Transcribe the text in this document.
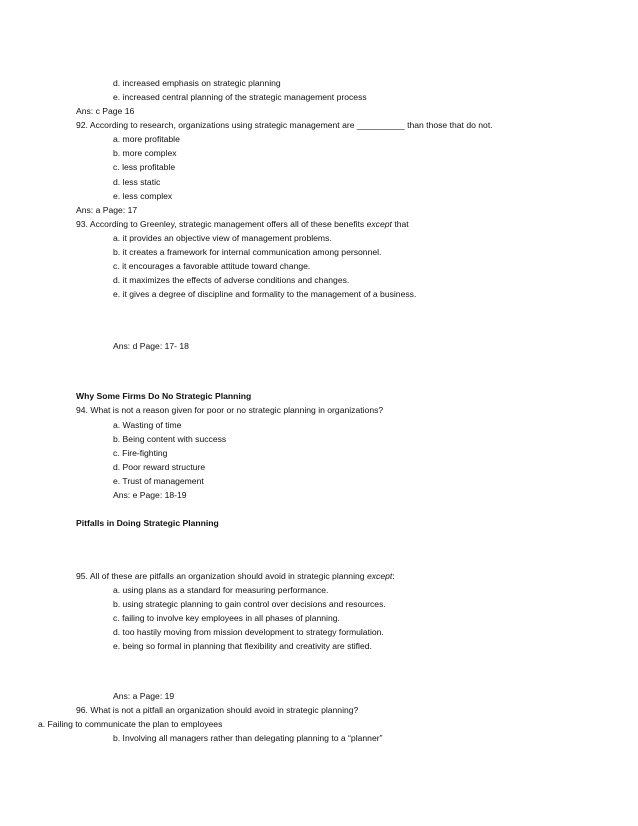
d. increased emphasis on strategic planning
e. increased central planning of the strategic management process
Ans: c Page 16
92. According to research, organizations using strategic management are __________ than those that do not.
a. more profitable
b. more complex
c. less profitable
d. less static
e. less complex
Ans: a Page: 17
93. According to Greenley, strategic management offers all of these benefits except that
a. it provides an objective view of management problems.
b. it creates a framework for internal communication among personnel.
c. it encourages a favorable attitude toward change.
d. it maximizes the effects of adverse conditions and changes.
e. it gives a degree of discipline and formality to the management of a business.
Ans: d Page: 17- 18
Why Some Firms Do No Strategic Planning
94. What is not a reason given for poor or no strategic planning in organizations?
a. Wasting of time
b. Being content with success
c. Fire-fighting
d. Poor reward structure
e. Trust of management
Ans: e Page: 18-19
Pitfalls in Doing Strategic Planning
95. All of these are pitfalls an organization should avoid in strategic planning except:
a. using plans as a standard for measuring performance.
b. using strategic planning to gain control over decisions and resources.
c. failing to involve key employees in all phases of planning.
d. too hastily moving from mission development to strategy formulation.
e. being so formal in planning that flexibility and creativity are stifled.
Ans: a Page: 19
96. What is not a pitfall an organization should avoid in strategic planning?
a. Failing to communicate the plan to employees
b. Involving all managers rather than delegating planning to a “planner”
